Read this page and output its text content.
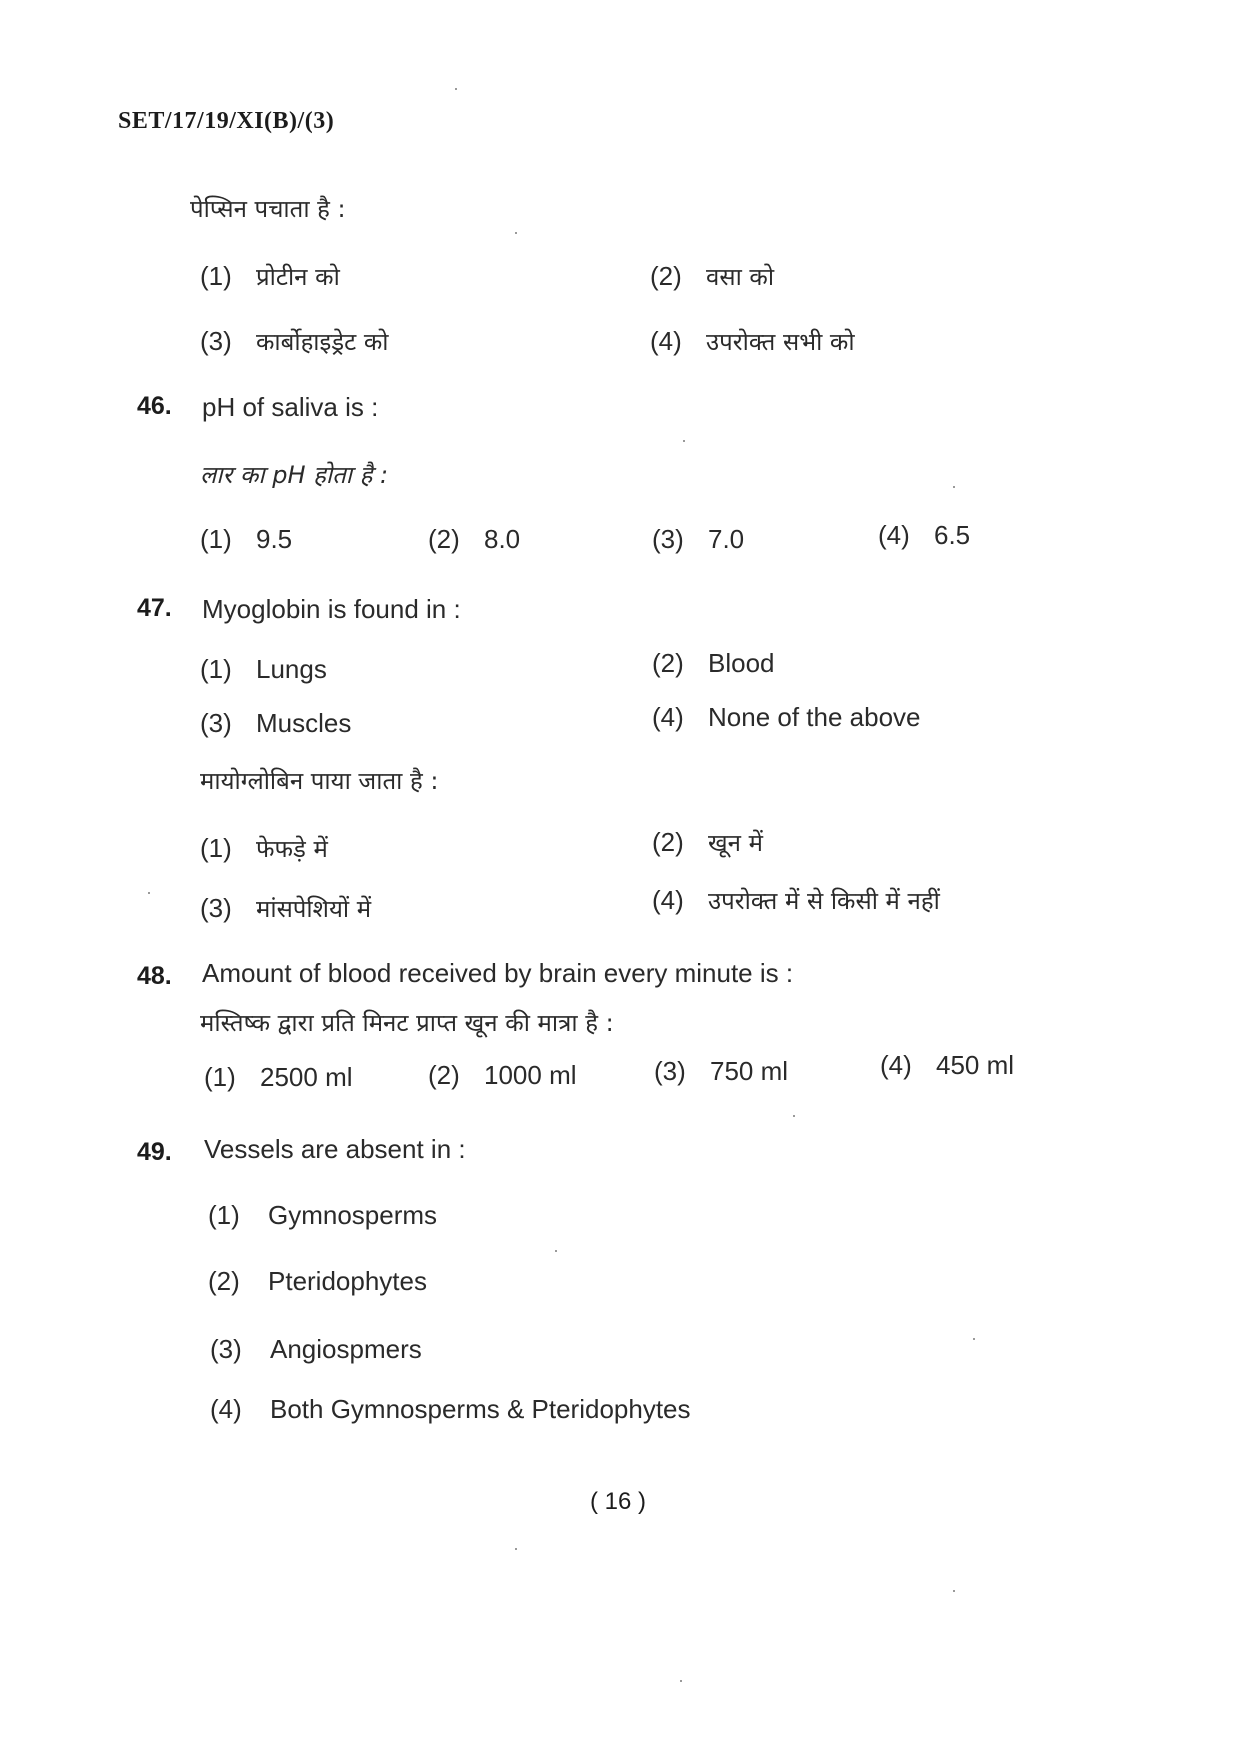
SET/17/19/XI(B)/(3)
पेप्सिन पचाता है :
(1) प्रोटीन को	(2) वसा को
(3) कार्बोहाइड्रेट को	(4) उपरोक्त सभी को
46. pH of saliva is :
लार का pH होता है :
(1) 9.5	(2) 8.0	(3) 7.0	(4) 6.5
47. Myoglobin is found in :
(1) Lungs	(2) Blood
(3) Muscles	(4) None of the above
मायोग्लोबिन पाया जाता है :
(1) फेफड़े में	(2) खून में
(3) मांसपेशियों में	(4) उपरोक्त में से किसी में नहीं
48. Amount of blood received by brain every minute is :
मस्तिष्क द्वारा प्रति मिनट प्राप्त खून की मात्रा है :
(1) 2500 ml	(2) 1000 ml	(3) 750 ml	(4) 450 ml
49. Vessels are absent in :
(1) Gymnosperms
(2) Pteridophytes
(3) Angiospmers
(4) Both Gymnosperms & Pteridophytes
( 16 )
